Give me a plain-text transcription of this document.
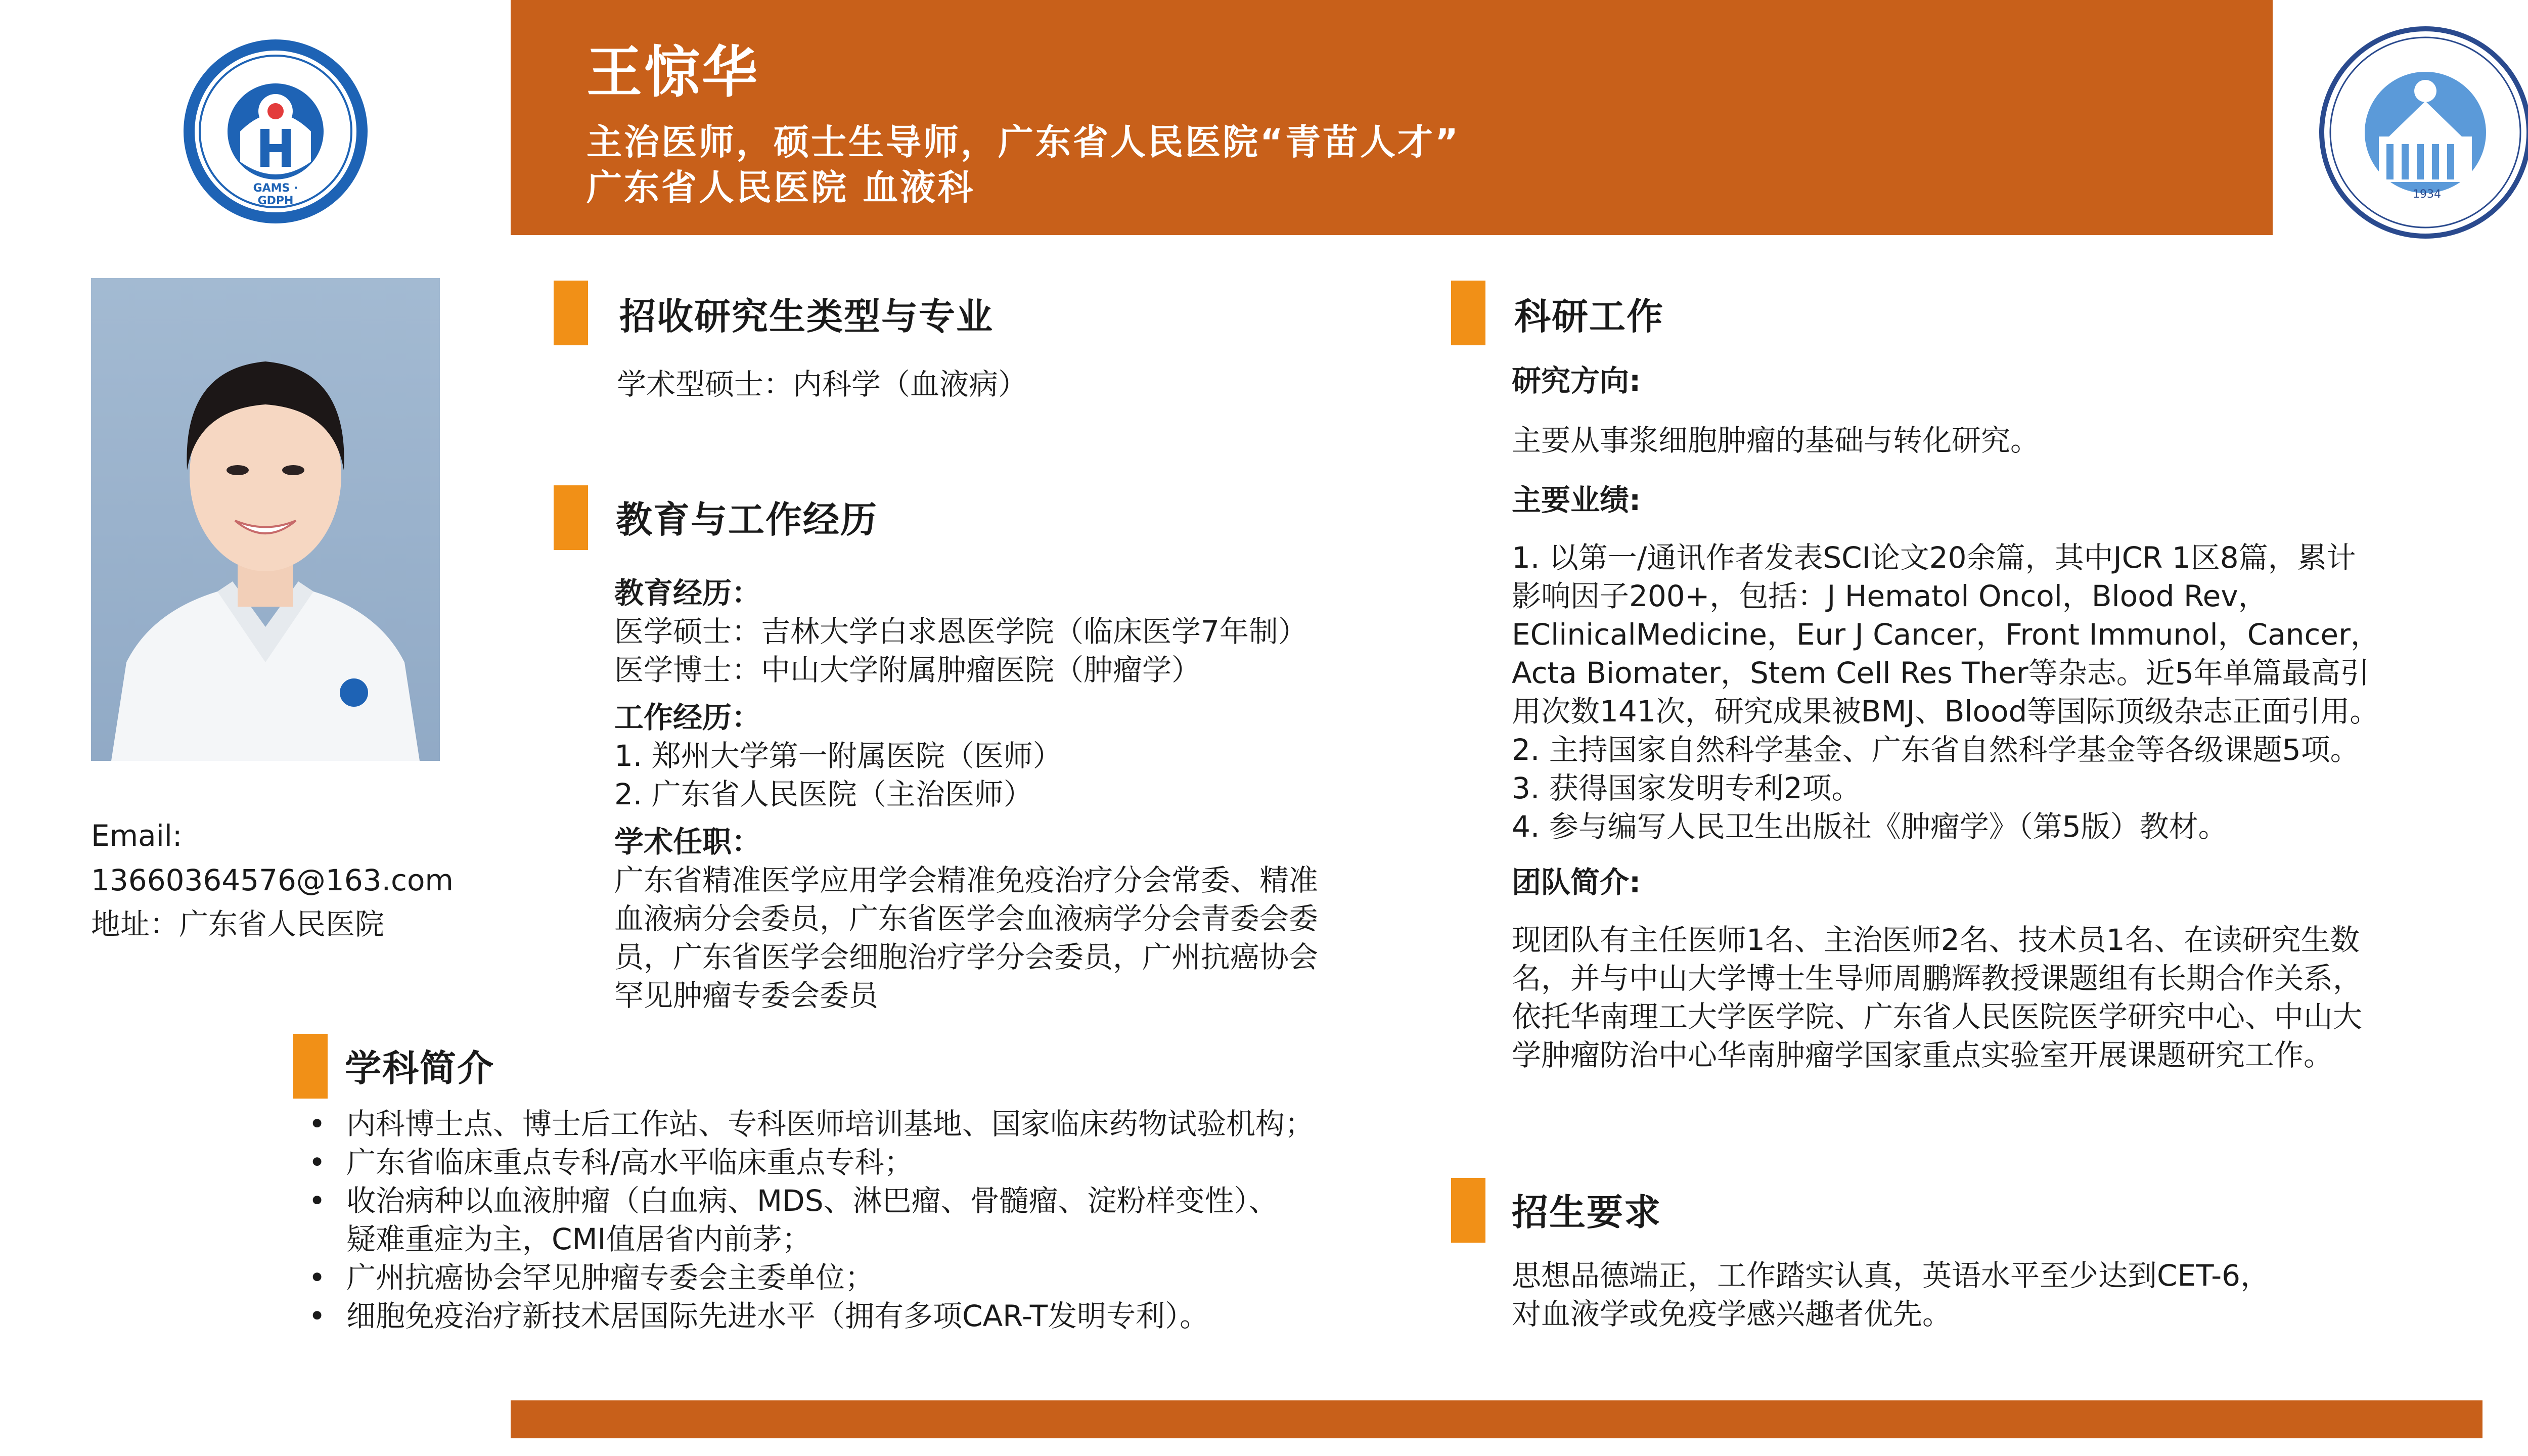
王惊华
主治医师，硕士生导师，广东省人民医院“青苗人才”
广东省人民医院 血液科
GAMS · GDPH
1934
Email:
13660364576@163.com
地址：广东省人民医院
招收研究生类型与专业
学术型硕士：内科学（血液病）
教育与工作经历
教育经历：
医学硕士：吉林大学白求恩医学院（临床医学7年制）
医学博士：中山大学附属肿瘤医院（肿瘤学）
工作经历：
1. 郑州大学第一附属医院（医师）
2. 广东省人民医院（主治医师）
学术任职：
广东省精准医学应用学会精准免疫治疗分会常委、精准
血液病分会委员，广东省医学会血液病学分会青委会委
员，广东省医学会细胞治疗学分会委员，广州抗癌协会
罕见肿瘤专委会委员
学科简介
• 内科博士点、博士后工作站、专科医师培训基地、国家临床药物试验机构；
• 广东省临床重点专科/高水平临床重点专科；
• 收治病种以血液肿瘤（白血病、MDS、淋巴瘤、骨髓瘤、淀粉样变性）、
疑难重症为主，CMI值居省内前茅；
• 广州抗癌协会罕见肿瘤专委会主委单位；
• 细胞免疫治疗新技术居国际先进水平（拥有多项CAR-T发明专利）。
科研工作
研究方向:
主要从事浆细胞肿瘤的基础与转化研究。
主要业绩:
1. 以第一/通讯作者发表SCI论文20余篇，其中JCR 1区8篇，累计
影响因子200+，包括：J Hematol Oncol，Blood Rev，
EClinicalMedicine，Eur J Cancer，Front Immunol，Cancer，
Acta Biomater，Stem Cell Res Ther等杂志。近5年单篇最高引
用次数141次，研究成果被BMJ、Blood等国际顶级杂志正面引用。
2. 主持国家自然科学基金、广东省自然科学基金等各级课题5项。
3. 获得国家发明专利2项。
4. 参与编写人民卫生出版社《肿瘤学》（第5版）教材。
团队简介:
现团队有主任医师1名、主治医师2名、技术员1名、在读研究生数
名，并与中山大学博士生导师周鹏辉教授课题组有长期合作关系，
依托华南理工大学医学院、广东省人民医院医学研究中心、中山大
学肿瘤防治中心华南肿瘤学国家重点实验室开展课题研究工作。
招生要求
思想品德端正，工作踏实认真，英语水平至少达到CET-6，
对血液学或免疫学感兴趣者优先。
